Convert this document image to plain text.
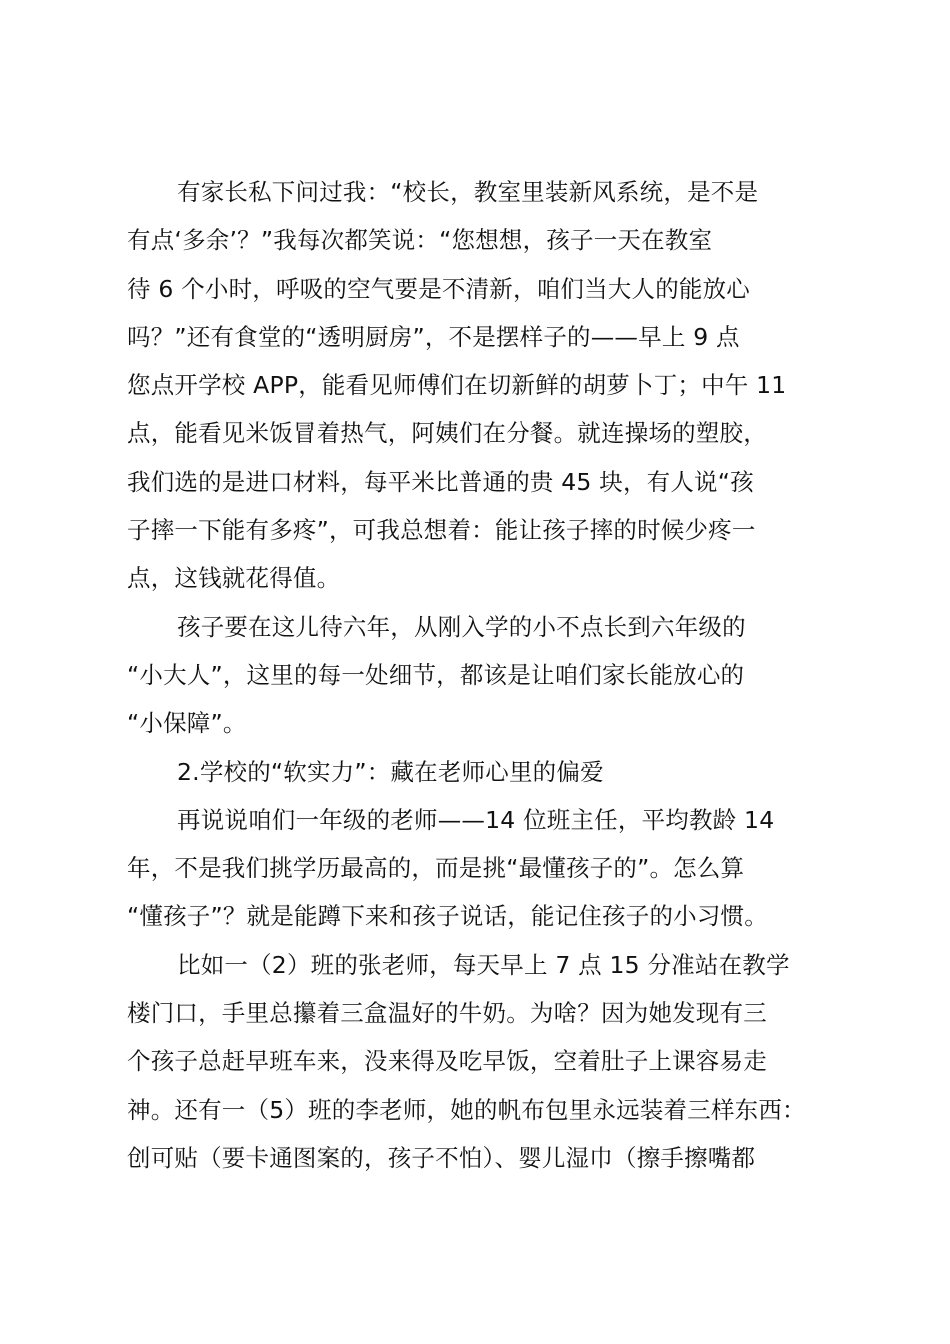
有家长私下问过我：“校长，教室里装新风系统，是不是
有点‘多余’？”我每次都笑说：“您想想，孩子一天在教室
待 6 个小时，呼吸的空气要是不清新，咱们当大人的能放心
吗？”还有食堂的“透明厨房”，不是摆样子的——早上 9 点
您点开学校 APP，能看见师傅们在切新鲜的胡萝卜丁；中午 11
点，能看见米饭冒着热气，阿姨们在分餐。就连操场的塑胶，
我们选的是进口材料，每平米比普通的贵 45 块，有人说“孩
子摔一下能有多疼”，可我总想着：能让孩子摔的时候少疼一
点，这钱就花得值。
孩子要在这儿待六年，从刚入学的小不点长到六年级的
“小大人”，这里的每一处细节，都该是让咱们家长能放心的
“小保障”。
2.学校的“软实力”：藏在老师心里的偏爱
再说说咱们一年级的老师——14 位班主任，平均教龄 14
年，不是我们挑学历最高的，而是挑“最懂孩子的”。怎么算
“懂孩子”？就是能蹲下来和孩子说话，能记住孩子的小习惯。
比如一（2）班的张老师，每天早上 7 点 15 分准站在教学
楼门口，手里总攥着三盒温好的牛奶。为啥？因为她发现有三
个孩子总赶早班车来，没来得及吃早饭，空着肚子上课容易走
神。还有一（5）班的李老师，她的帆布包里永远装着三样东西：
创可贴（要卡通图案的，孩子不怕）、婴儿湿巾（擦手擦嘴都
